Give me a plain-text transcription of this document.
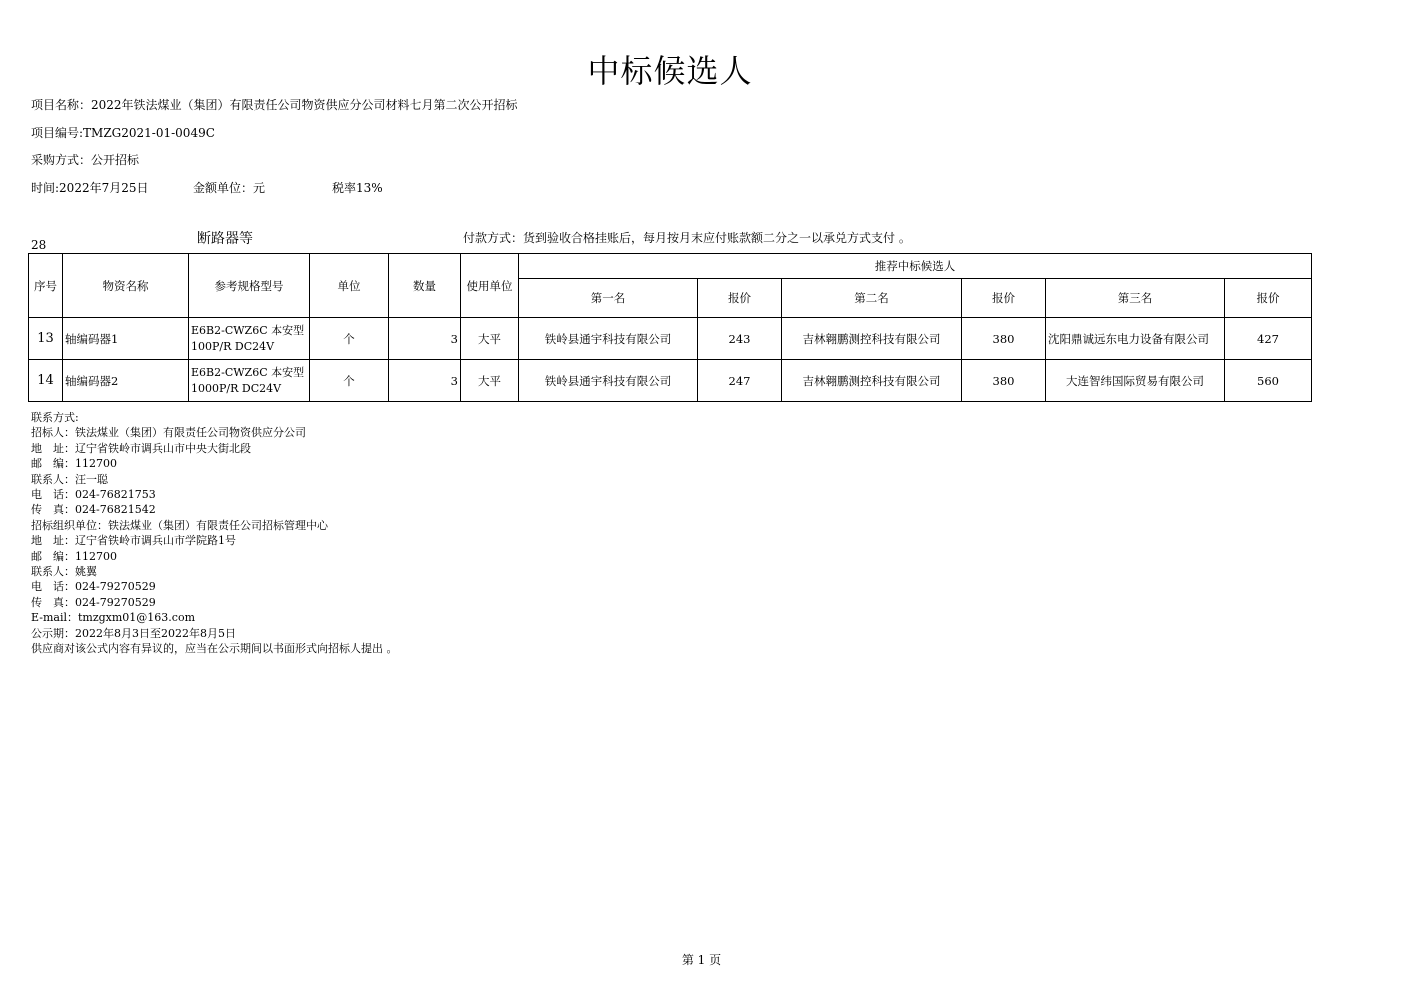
中标候选人
项目名称：2022年铁法煤业（集团）有限责任公司物资供应分公司材料七月第二次公开招标
项目编号:TMZG2021-01-0049C
采购方式：公开招标
时间:2022年7月25日	金额单位：元	税率13%
28	断路器等	付款方式：货到验收合格挂账后，每月按月末应付账款额二分之一以承兑方式支付 。
序号	物资名称	参考规格型号	单位	数量	使用单位	推荐中标候选人					
						第一名	报价	第二名	报价	第三名	报价
13	轴编码器1	E6B2-CWZ6C 本安型 100P/R DC24V	个	3	大平	铁岭县通宇科技有限公司	243	吉林翱鹏测控科技有限公司	380	沈阳鼎诚远东电力设备有限公司	427
14	轴编码器2	E6B2-CWZ6C 本安型 1000P/R DC24V	个	3	大平	铁岭县通宇科技有限公司	247	吉林翱鹏测控科技有限公司	380	大连智纬国际贸易有限公司	560
联系方式:
招标人：铁法煤业（集团）有限责任公司物资供应分公司
地　址：辽宁省铁岭市调兵山市中央大街北段
邮　编：112700
联系人：汪一聪
电　话：024-76821753
传　真：024-76821542
招标组织单位：铁法煤业（集团）有限责任公司招标管理中心
地　址：辽宁省铁岭市调兵山市学院路1号
邮　编：112700
联系人：姚翼
电　话：024-79270529
传　真：024-79270529
E-mail：tmzgxm01@163.com
公示期：2022年8月3日至2022年8月5日
供应商对该公式内容有异议的，应当在公示期间以书面形式向招标人提出 。
第 1 页
